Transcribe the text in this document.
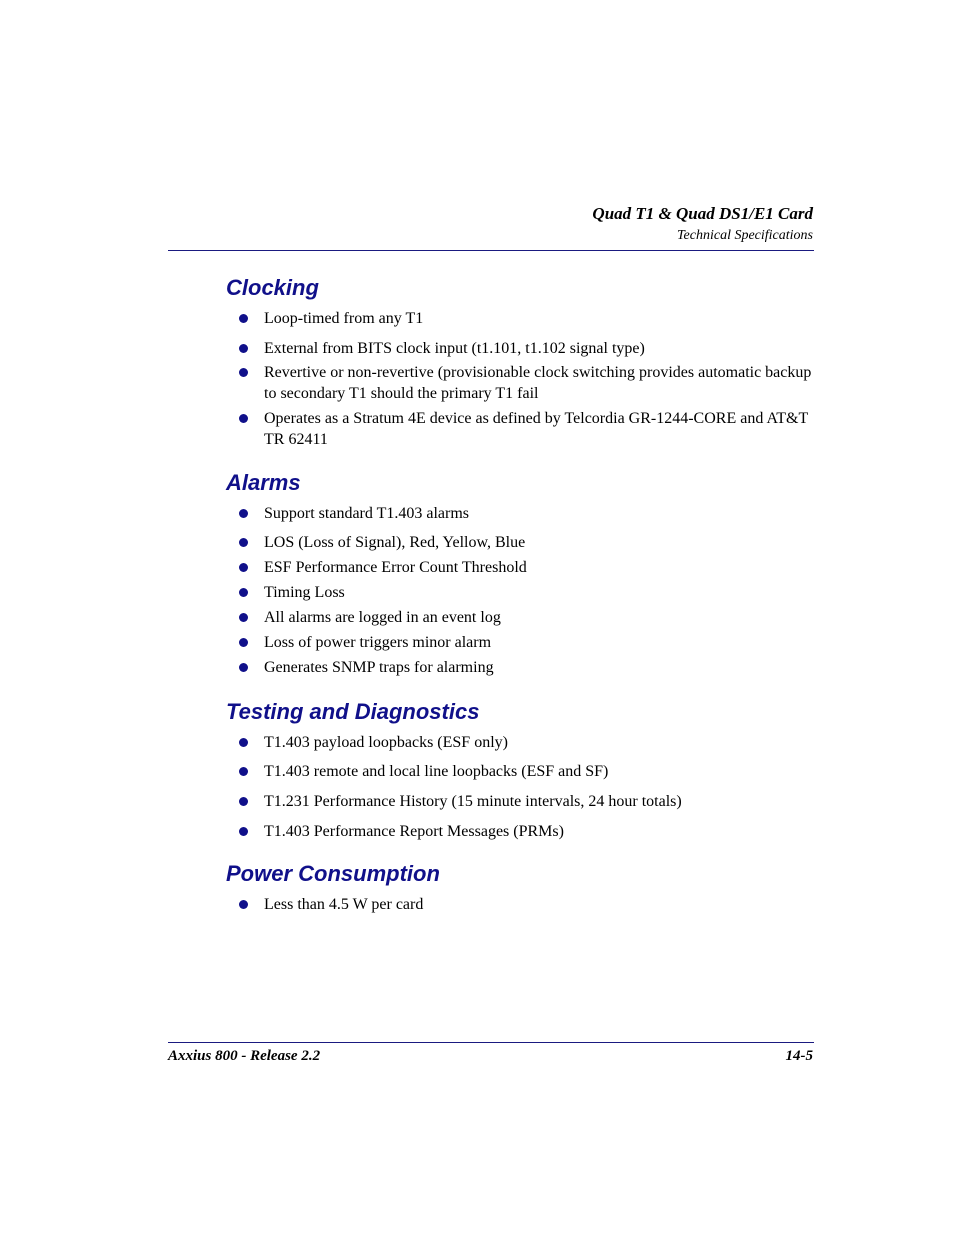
Quad T1 & Quad DS1/E1 Card
Technical Specifications
Clocking
Loop-timed from any T1
External from BITS clock input (t1.101, t1.102 signal type)
Revertive or non-revertive (provisionable clock switching provides automatic backup to secondary T1 should the primary T1 fail
Operates as a Stratum 4E device as defined by Telcordia GR-1244-CORE and AT&T TR 62411
Alarms
Support standard T1.403 alarms
LOS (Loss of Signal), Red, Yellow, Blue
ESF Performance Error Count Threshold
Timing Loss
All alarms are logged in an event log
Loss of power triggers minor alarm
Generates SNMP traps for alarming
Testing and Diagnostics
T1.403 payload loopbacks (ESF only)
T1.403 remote and local line loopbacks (ESF and SF)
T1.231 Performance History (15 minute intervals, 24 hour totals)
T1.403 Performance Report Messages (PRMs)
Power Consumption
Less than 4.5 W per card
Axxius 800 - Release 2.2	14-5
